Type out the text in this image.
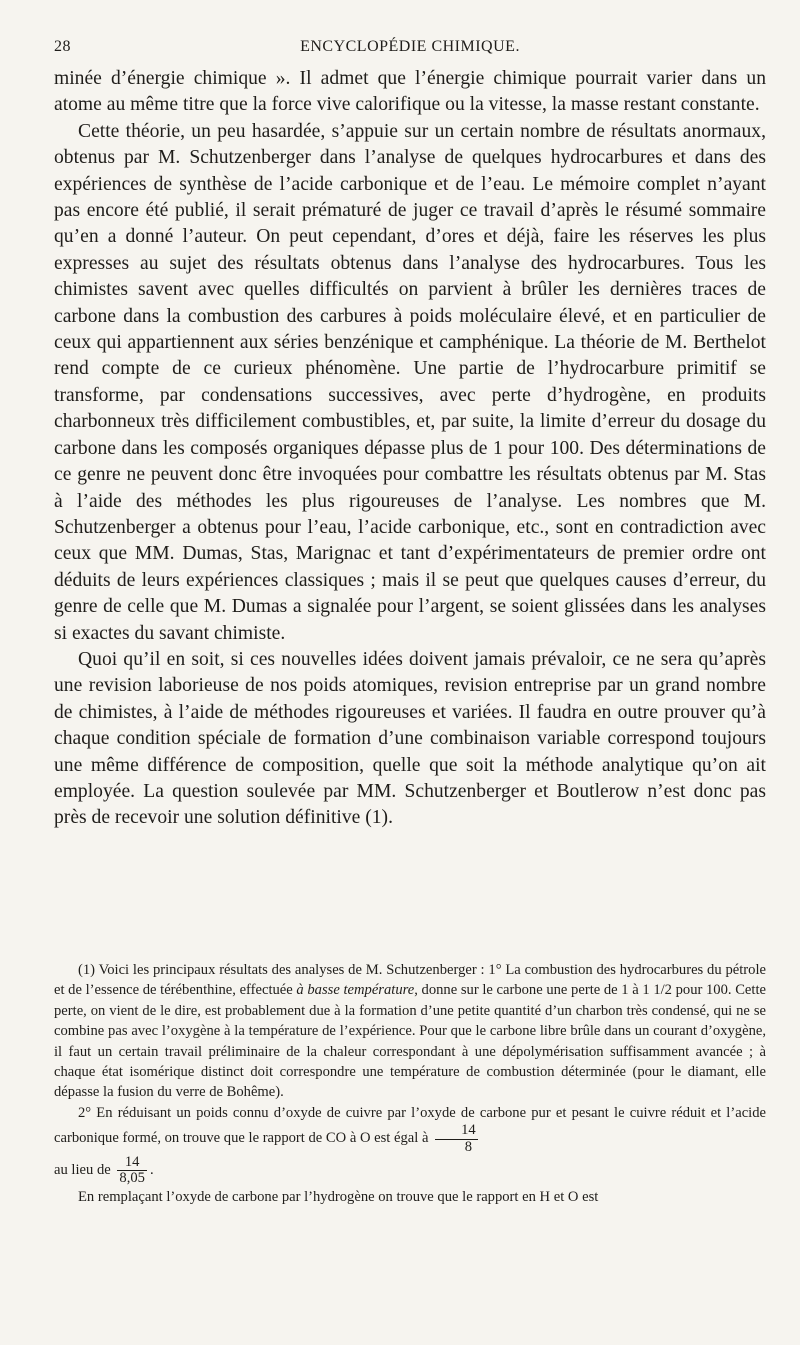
28	ENCYCLOPÉDIE CHIMIQUE.

minée d’énergie chimique ». Il admet que l’énergie chimique pourrait varier dans un atome au même titre que la force vive calorifique ou la vitesse, la masse restant constante.

Cette théorie, un peu hasardée, s’appuie sur un certain nombre de résultats anormaux, obtenus par M. Schutzenberger dans l’analyse de quelques hydrocarbures et dans des expériences de synthèse de l’acide carbonique et de l’eau. Le mémoire complet n’ayant pas encore été publié, il serait prématuré de juger ce travail d’après le résumé sommaire qu’en a donné l’auteur. On peut cependant, d’ores et déjà, faire les réserves les plus expresses au sujet des résultats obtenus dans l’analyse des hydrocarbures. Tous les chimistes savent avec quelles difficultés on parvient à brûler les dernières traces de carbone dans la combustion des carbures à poids moléculaire élevé, et en particulier de ceux qui appartiennent aux séries benzénique et camphénique. La théorie de M. Berthelot rend compte de ce curieux phénomène. Une partie de l’hydrocarbure primitif se transforme, par condensations successives, avec perte d’hydrogène, en produits charbonneux très difficilement combustibles, et, par suite, la limite d’erreur du dosage du carbone dans les composés organiques dépasse plus de 1 pour 100. Des déterminations de ce genre ne peuvent donc être invoquées pour combattre les résultats obtenus par M. Stas à l’aide des méthodes les plus rigoureuses de l’analyse. Les nombres que M. Schutzenberger a obtenus pour l’eau, l’acide carbonique, etc., sont en contradiction avec ceux que MM. Dumas, Stas, Marignac et tant d’expérimentateurs de premier ordre ont déduits de leurs expériences classiques ; mais il se peut que quelques causes d’erreur, du genre de celle que M. Dumas a signalée pour l’argent, se soient glissées dans les analyses si exactes du savant chimiste.

Quoi qu’il en soit, si ces nouvelles idées doivent jamais prévaloir, ce ne sera qu’après une revision laborieuse de nos poids atomiques, revision entreprise par un grand nombre de chimistes, à l’aide de méthodes rigoureuses et variées. Il faudra en outre prouver qu’à chaque condition spéciale de formation d’une combinaison variable correspond toujours une même différence de composition, quelle que soit la méthode analytique qu’on ait employée. La question soulevée par MM. Schutzenberger et Boutlerow n’est donc pas près de recevoir une solution définitive (1).

(1) Voici les principaux résultats des analyses de M. Schutzenberger : 1° La combustion des hydrocarbures du pétrole et de l’essence de térébenthine, effectuée à basse température, donne sur le carbone une perte de 1 à 1 1/2 pour 100. Cette perte, on vient de le dire, est probablement due à la formation d’une petite quantité d’un charbon très condensé, qui ne se combine pas avec l’oxygène à la température de l’expérience. Pour que le carbone libre brûle dans un courant d’oxygène, il faut un certain travail préliminaire de la chaleur correspondant à une dépolymérisation suffisamment avancée ; à chaque état isomérique distinct doit correspondre une température de combustion déterminée (pour le diamant, elle dépasse la fusion du verre de Bohême).

2° En réduisant un poids connu d’oxyde de cuivre par l’oxyde de carbone pur et pesant le cuivre réduit et l’acide carbonique formé, on trouve que le rapport de CO à O est égal à $\frac{14}{8}$

au lieu de $\frac{14}{8,05}$ .

En remplaçant l’oxyde de carbone par l’hydrogène on trouve que le rapport en H et O est
